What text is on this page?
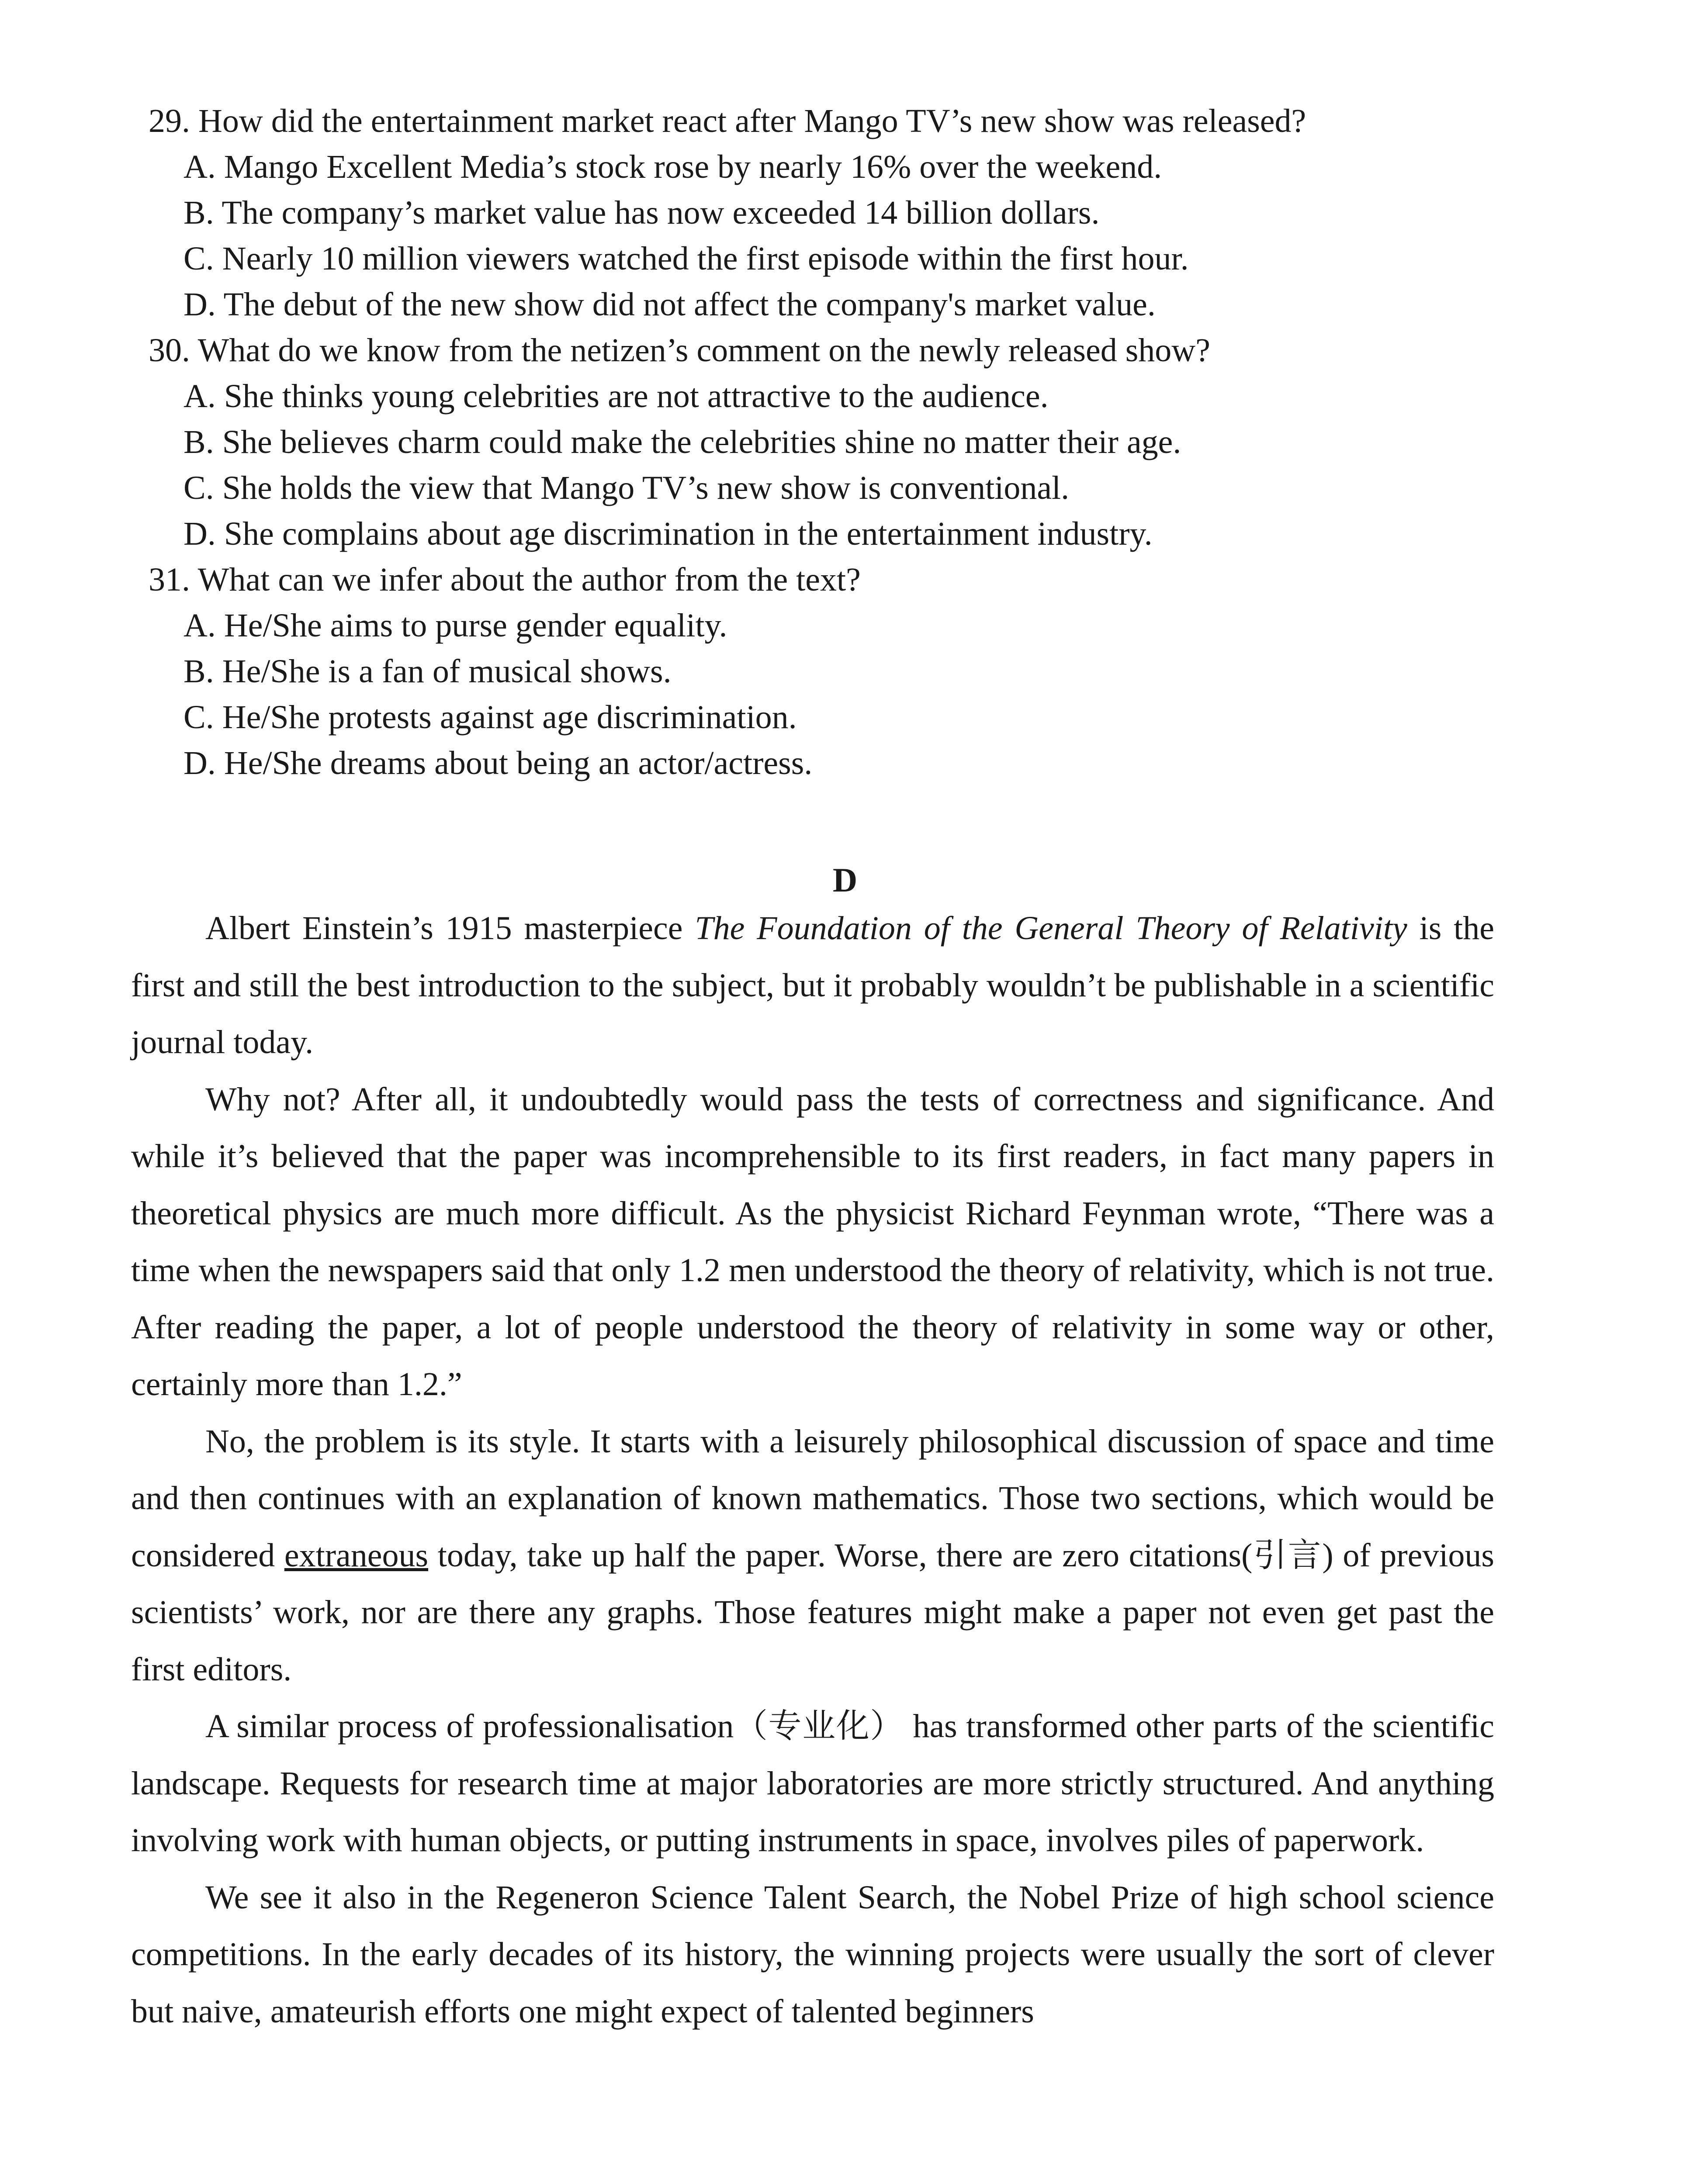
29. How did the entertainment market react after Mango TV’s new show was released?
A. Mango Excellent Media’s stock rose by nearly 16% over the weekend.
B. The company’s market value has now exceeded 14 billion dollars.
C. Nearly 10 million viewers watched the first episode within the first hour.
D. The debut of the new show did not affect the company's market value.
30. What do we know from the netizen’s comment on the newly released show?
A. She thinks young celebrities are not attractive to the audience.
B. She believes charm could make the celebrities shine no matter their age.
C. She holds the view that Mango TV’s new show is conventional.
D. She complains about age discrimination in the entertainment industry.
31. What can we infer about the author from the text?
A. He/She aims to purse gender equality.
B. He/She is a fan of musical shows.
C. He/She protests against age discrimination.
D. He/She dreams about being an actor/actress.
D

Albert Einstein’s 1915 masterpiece The Foundation of the General Theory of Relativity is the first and still the best introduction to the subject, but it probably wouldn’t be publishable in a scientific journal today.

Why not? After all, it undoubtedly would pass the tests of correctness and significance. And while it’s believed that the paper was incomprehensible to its first readers, in fact many papers in theoretical physics are much more difficult. As the physicist Richard Feynman wrote, “There was a time when the newspapers said that only 1.2 men understood the theory of relativity, which is not true. After reading the paper, a lot of people understood the theory of relativity in some way or other, certainly more than 1.2.”

No, the problem is its style. It starts with a leisurely philosophical discussion of space and time and then continues with an explanation of known mathematics. Those two sections, which would be considered extraneous today, take up half the paper. Worse, there are zero citations(引言) of previous scientists’ work, nor are there any graphs. Those features might make a paper not even get past the first editors.

A similar process of professionalisation（专业化） has transformed other parts of the scientific landscape. Requests for research time at major laboratories are more strictly structured. And anything involving work with human objects, or putting instruments in space, involves piles of paperwork.

We see it also in the Regeneron Science Talent Search, the Nobel Prize of high school science competitions. In the early decades of its history, the winning projects were usually the sort of clever but naive, amateurish efforts one might expect of talented beginners
